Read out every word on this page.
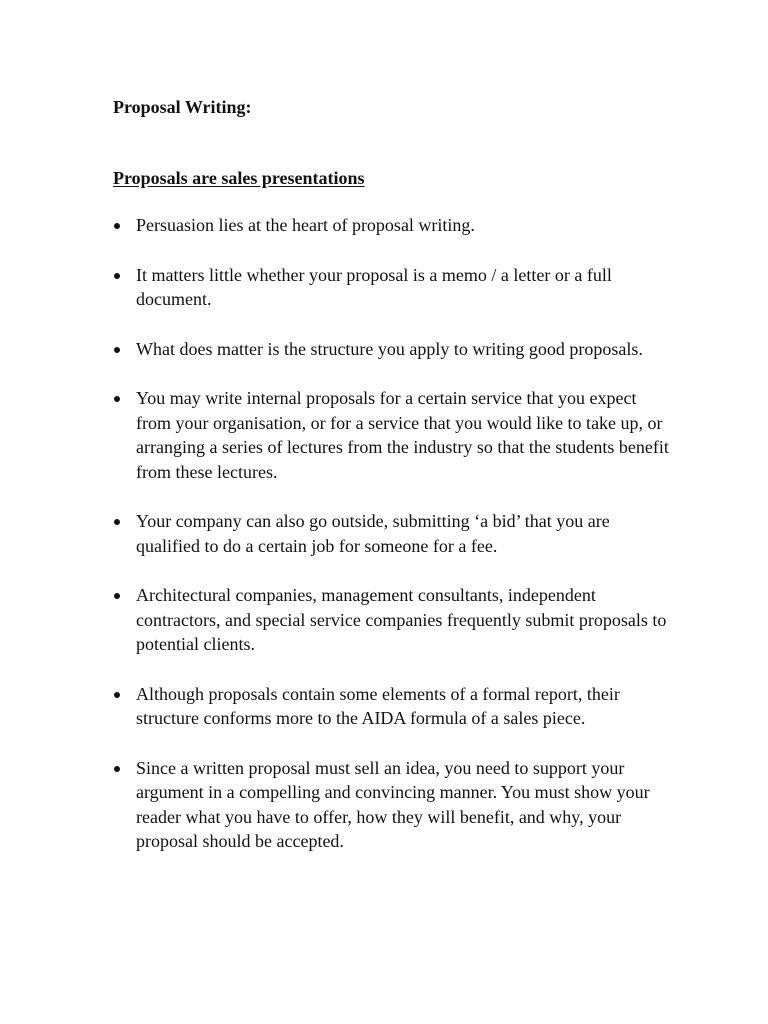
Proposal Writing:
Proposals are sales presentations
Persuasion lies at the heart of proposal writing.
It matters little whether your proposal is a memo / a letter or a full document.
What does matter is the structure you apply to writing good proposals.
You may write internal proposals for a certain service that you expect from your organisation, or for a service that you would like to take up, or arranging a series of lectures from the industry so that the students benefit from these lectures.
Your company can also go outside, submitting ‘a bid’ that you are qualified to do a certain job for someone for a fee.
Architectural companies, management consultants, independent contractors, and special service companies frequently submit proposals to potential clients.
Although proposals contain some elements of a formal report, their structure conforms more to the AIDA formula of a sales piece.
Since a written proposal must sell an idea, you need to support your argument in a compelling and convincing manner. You must show your reader what you have to offer, how they will benefit, and why, your proposal should be accepted.
